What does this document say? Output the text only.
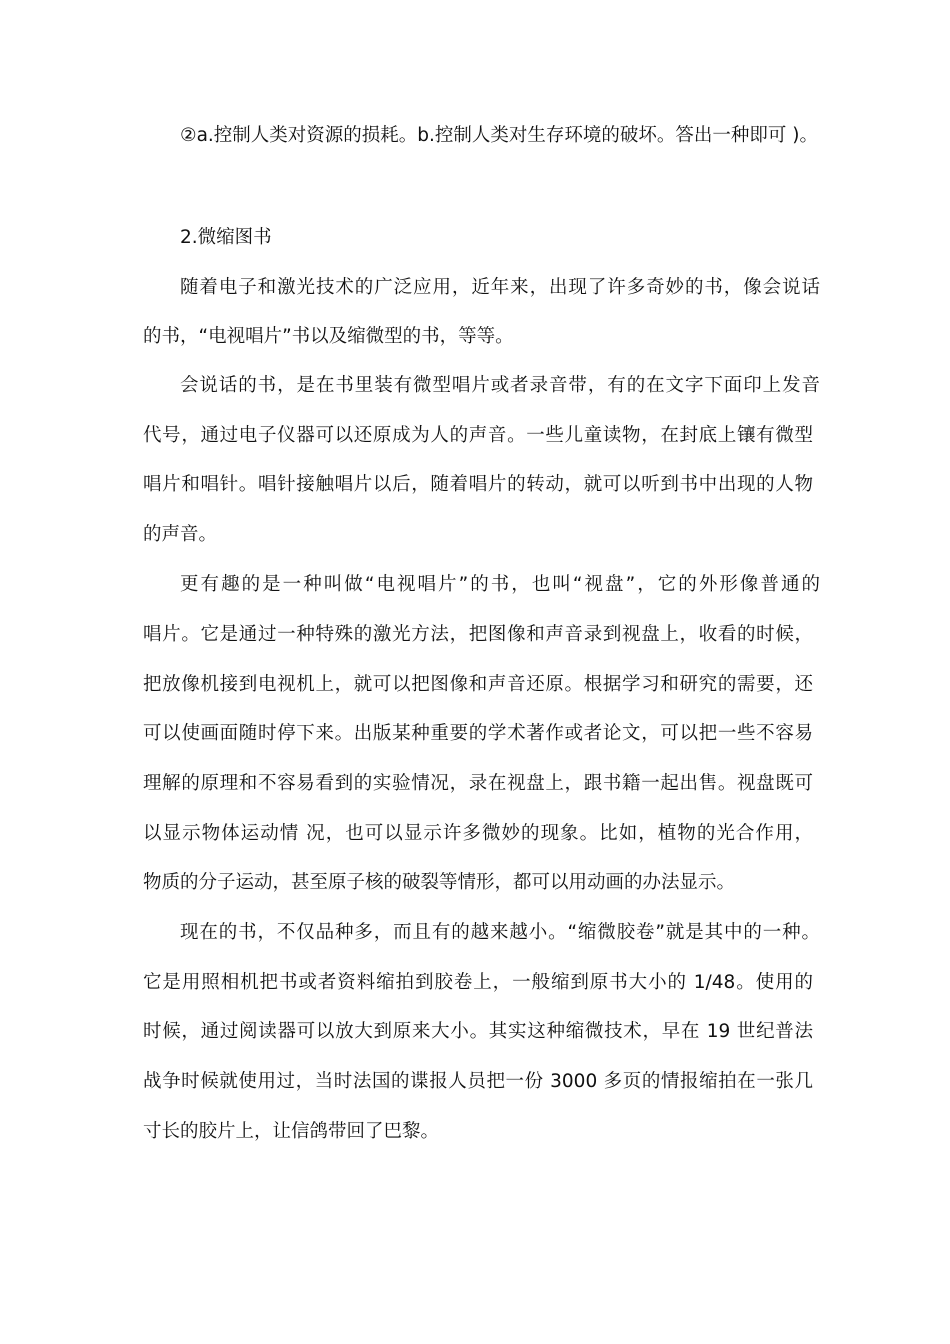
②a.控制人类对资源的损耗。b.控制人类对生存环境的破坏。答出一种即可 )。
2.微缩图书
随着电子和激光技术的广泛应用，近年来，出现了许多奇妙的书，像会说话
的书，“电视唱片”书以及缩微型的书，等等。
会说话的书，是在书里装有微型唱片或者录音带，有的在文字下面印上发音
代号，通过电子仪器可以还原成为人的声音。一些儿童读物，在封底上镶有微型
唱片和唱针。唱针接触唱片以后，随着唱片的转动，就可以听到书中出现的人物
的声音。
更有趣的是一种叫做“电视唱片”的书，也叫“视盘”，它的外形像普通的
唱片。它是通过一种特殊的激光方法，把图像和声音录到视盘上，收看的时候，
把放像机接到电视机上，就可以把图像和声音还原。根据学习和研究的需要，还
可以使画面随时停下来。出版某种重要的学术著作或者论文，可以把一些不容易
理解的原理和不容易看到的实验情况，录在视盘上，跟书籍一起出售。视盘既可
以显示物体运动情 况，也可以显示许多微妙的现象。比如，植物的光合作用，
物质的分子运动，甚至原子核的破裂等情形，都可以用动画的办法显示。
现在的书，不仅品种多，而且有的越来越小。“缩微胶卷”就是其中的一种。
它是用照相机把书或者资料缩拍到胶卷上，一般缩到原书大小的 1/48。使用的
时候，通过阅读器可以放大到原来大小。其实这种缩微技术，早在 19 世纪普法
战争时候就使用过，当时法国的谍报人员把一份 3000 多页的情报缩拍在一张几
寸长的胶片上，让信鸽带回了巴黎。
